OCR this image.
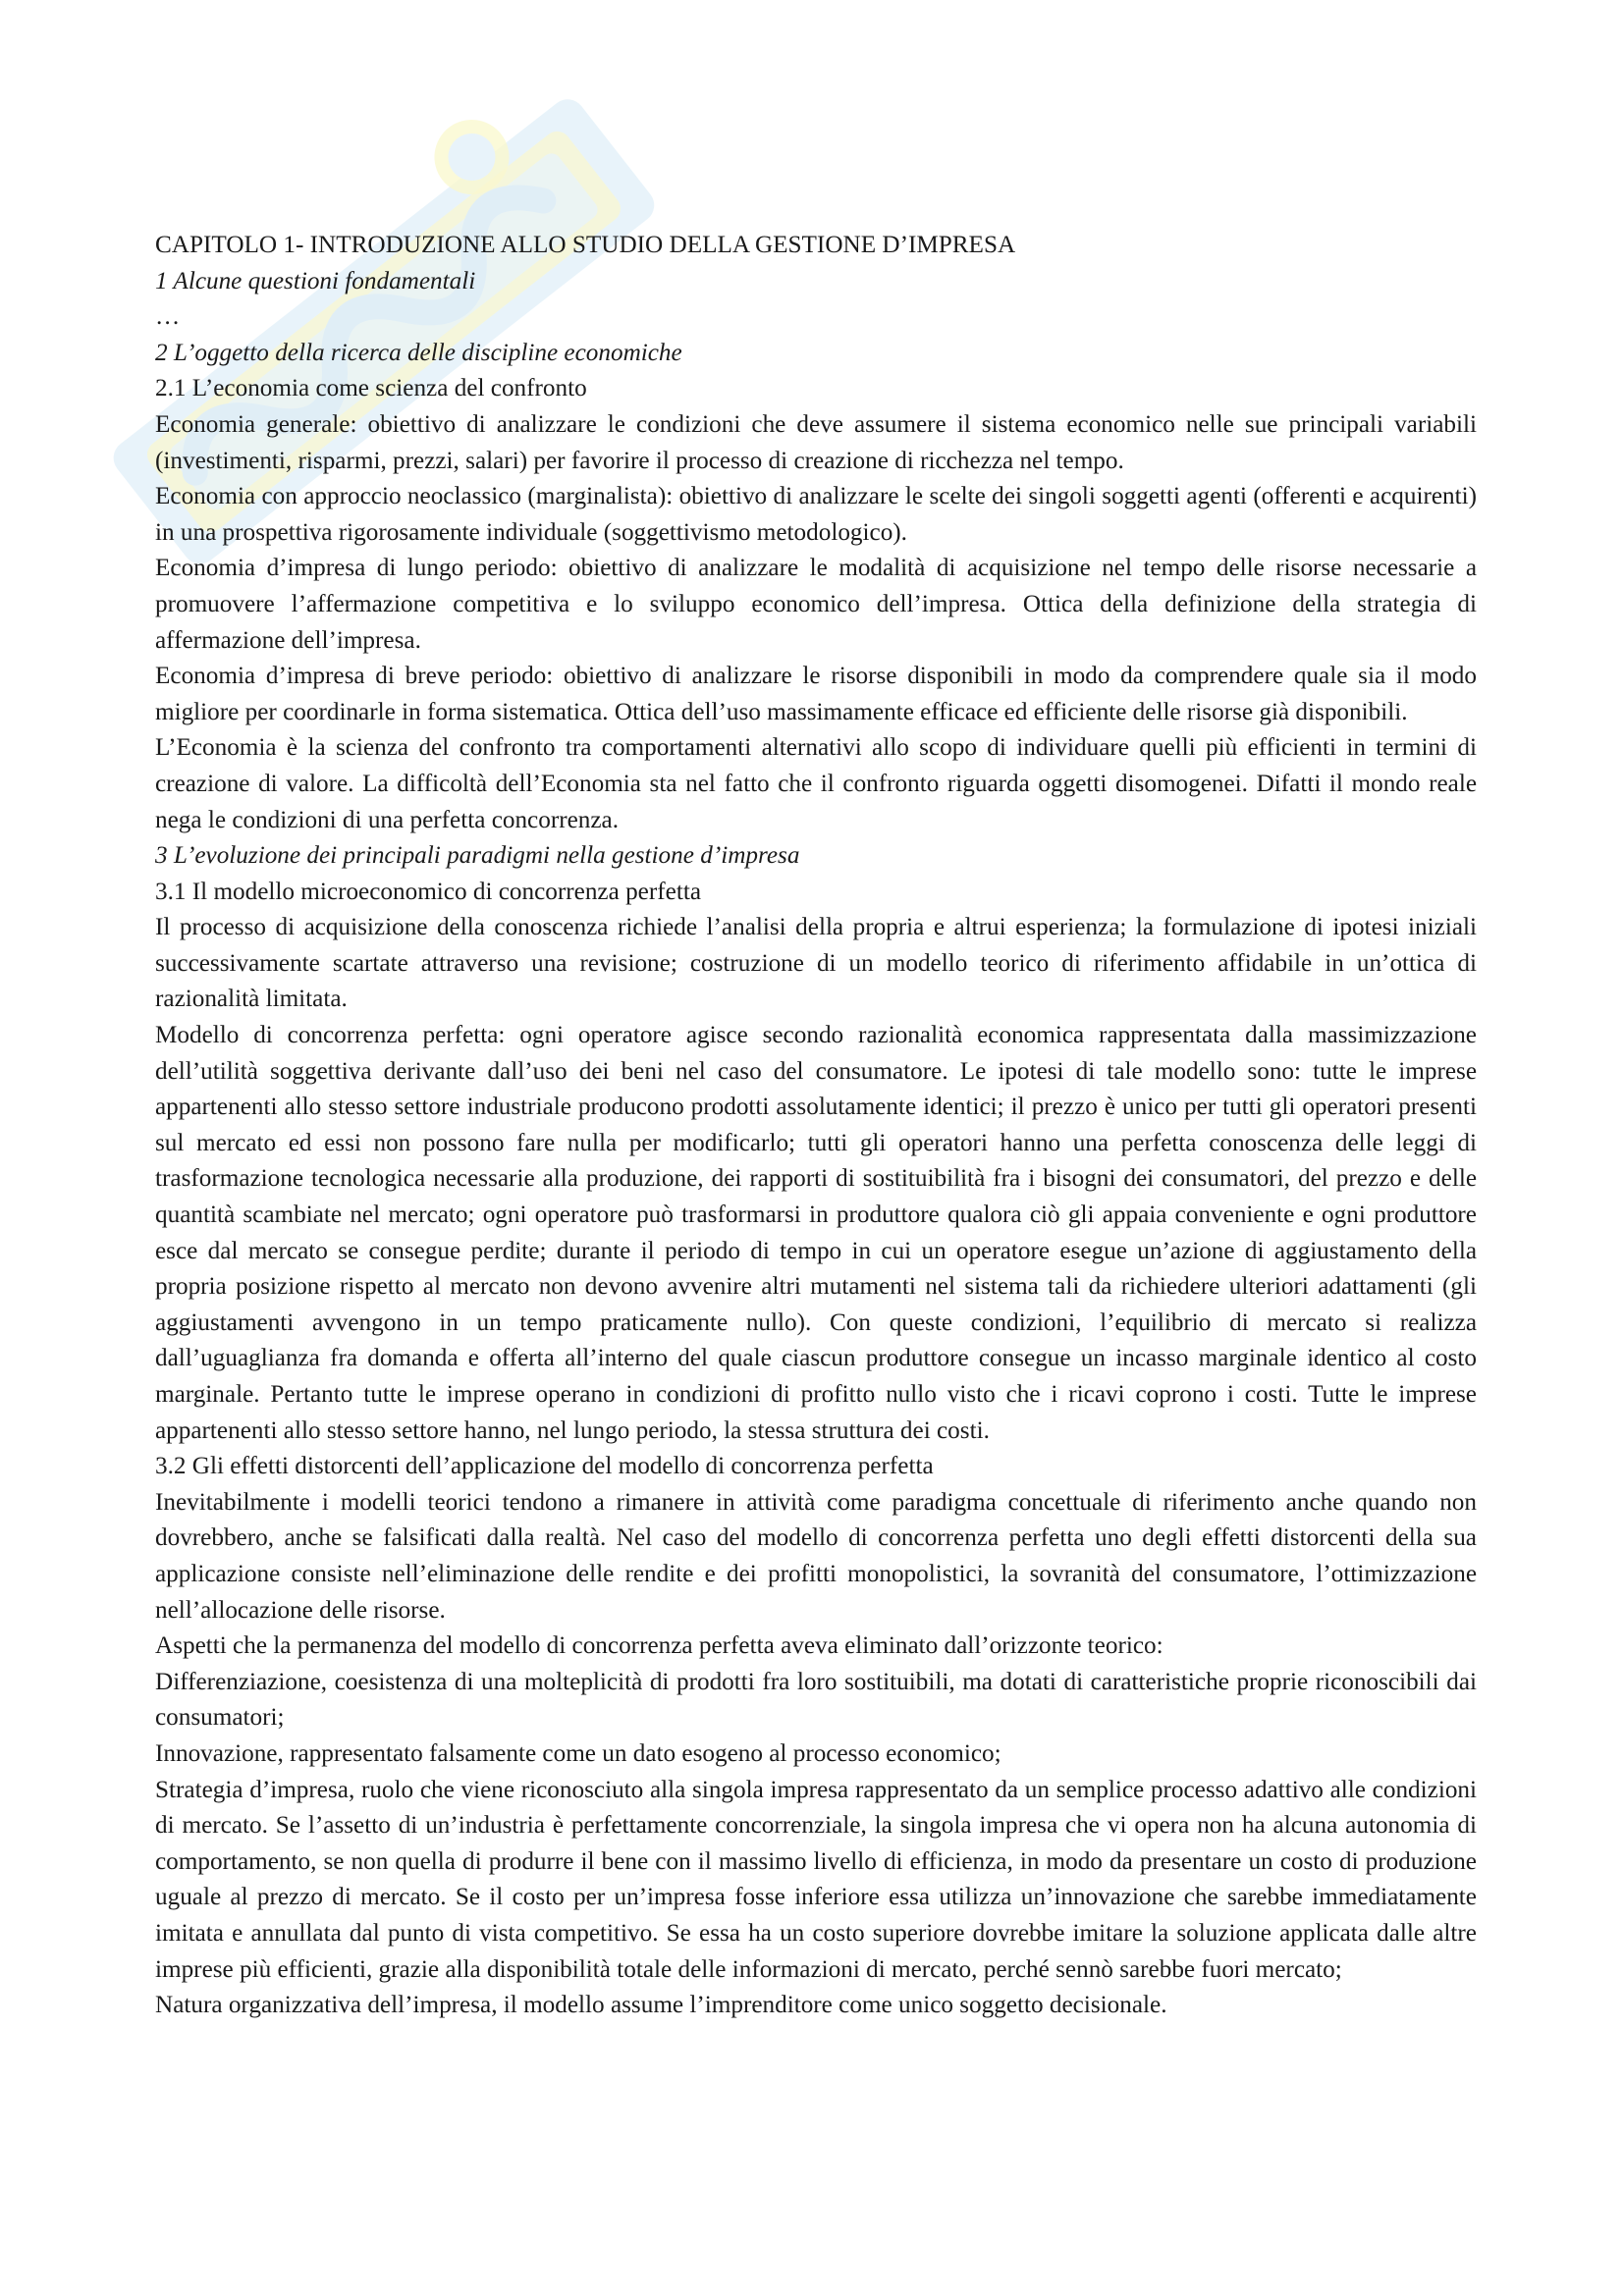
CAPITOLO 1- INTRODUZIONE ALLO STUDIO DELLA GESTIONE D’IMPRESA

1 Alcune questioni fondamentali

…

2 L’oggetto della ricerca delle discipline economiche

2.1 L’economia come scienza del confronto

Economia generale: obiettivo di analizzare le condizioni che deve assumere il sistema economico nelle sue principali variabili (investimenti, risparmi, prezzi, salari) per favorire il processo di creazione di ricchezza nel tempo.

Economia con approccio neoclassico (marginalista): obiettivo di analizzare le scelte dei singoli soggetti agenti (offerenti e acquirenti) in una prospettiva rigorosamente individuale (soggettivismo metodologico).

Economia d’impresa di lungo periodo: obiettivo di analizzare le modalità di acquisizione nel tempo delle risorse necessarie a promuovere l’affermazione competitiva e lo sviluppo economico dell’impresa. Ottica della definizione della strategia di affermazione dell’impresa.

Economia d’impresa di breve periodo: obiettivo di analizzare le risorse disponibili in modo da comprendere quale sia il modo migliore per coordinarle in forma sistematica. Ottica dell’uso massimamente efficace ed efficiente delle risorse già disponibili.

L’Economia è la scienza del confronto tra comportamenti alternativi allo scopo di individuare quelli più efficienti in termini di creazione di valore. La difficoltà dell’Economia sta nel fatto che il confronto riguarda oggetti disomogenei. Difatti il mondo reale nega le condizioni di una perfetta concorrenza.

3 L’evoluzione dei principali paradigmi nella gestione d’impresa

3.1 Il modello microeconomico di concorrenza perfetta

Il processo di acquisizione della conoscenza richiede l’analisi della propria e altrui esperienza; la formulazione di ipotesi iniziali successivamente scartate attraverso una revisione; costruzione di un modello teorico di riferimento affidabile in un’ottica di razionalità limitata.

Modello di concorrenza perfetta: ogni operatore agisce secondo razionalità economica rappresentata dalla massimizzazione dell’utilità soggettiva derivante dall’uso dei beni nel caso del consumatore. Le ipotesi di tale modello sono: tutte le imprese appartenenti allo stesso settore industriale producono prodotti assolutamente identici; il prezzo è unico per tutti gli operatori presenti sul mercato ed essi non possono fare nulla per modificarlo; tutti gli operatori hanno una perfetta conoscenza delle leggi di trasformazione tecnologica necessarie alla produzione, dei rapporti di sostituibilità fra i bisogni dei consumatori, del prezzo e delle quantità scambiate nel mercato; ogni operatore può trasformarsi in produttore qualora ciò gli appaia conveniente e ogni produttore esce dal mercato se consegue perdite; durante il periodo di tempo in cui un operatore esegue un’azione di aggiustamento della propria posizione rispetto al mercato non devono avvenire altri mutamenti nel sistema tali da richiedere ulteriori adattamenti (gli aggiustamenti avvengono in un tempo praticamente nullo). Con queste condizioni, l’equilibrio di mercato si realizza dall’uguaglianza fra domanda e offerta all’interno del quale ciascun produttore consegue un incasso marginale identico al costo marginale. Pertanto tutte le imprese operano in condizioni di profitto nullo visto che i ricavi coprono i costi. Tutte le imprese appartenenti allo stesso settore hanno, nel lungo periodo, la stessa struttura dei costi.

3.2 Gli effetti distorcenti dell’applicazione del modello di concorrenza perfetta

Inevitabilmente i modelli teorici tendono a rimanere in attività come paradigma concettuale di riferimento anche quando non dovrebbero, anche se falsificati dalla realtà. Nel caso del modello di concorrenza perfetta uno degli effetti distorcenti della sua applicazione consiste nell’eliminazione delle rendite e dei profitti monopolistici, la sovranità del consumatore, l’ottimizzazione nell’allocazione delle risorse.

Aspetti che la permanenza del modello di concorrenza perfetta aveva eliminato dall’orizzonte teorico:

Differenziazione, coesistenza di una molteplicità di prodotti fra loro sostituibili, ma dotati di caratteristiche proprie riconoscibili dai consumatori;
Innovazione, rappresentato falsamente come un dato esogeno al processo economico;
Strategia d’impresa, ruolo che viene riconosciuto alla singola impresa rappresentato da un semplice processo adattivo alle condizioni di mercato. Se l’assetto di un’industria è perfettamente concorrenziale, la singola impresa che vi opera non ha alcuna autonomia di comportamento, se non quella di produrre il bene con il massimo livello di efficienza, in modo da presentare un costo di produzione uguale al prezzo di mercato. Se il costo per un’impresa fosse inferiore essa utilizza un’innovazione che sarebbe immediatamente imitata e annullata dal punto di vista competitivo. Se essa ha un costo superiore dovrebbe imitare la soluzione applicata dalle altre imprese più efficienti, grazie alla disponibilità totale delle informazioni di mercato, perché sennò sarebbe fuori mercato;
Natura organizzativa dell’impresa, il modello assume l’imprenditore come unico soggetto decisionale.
